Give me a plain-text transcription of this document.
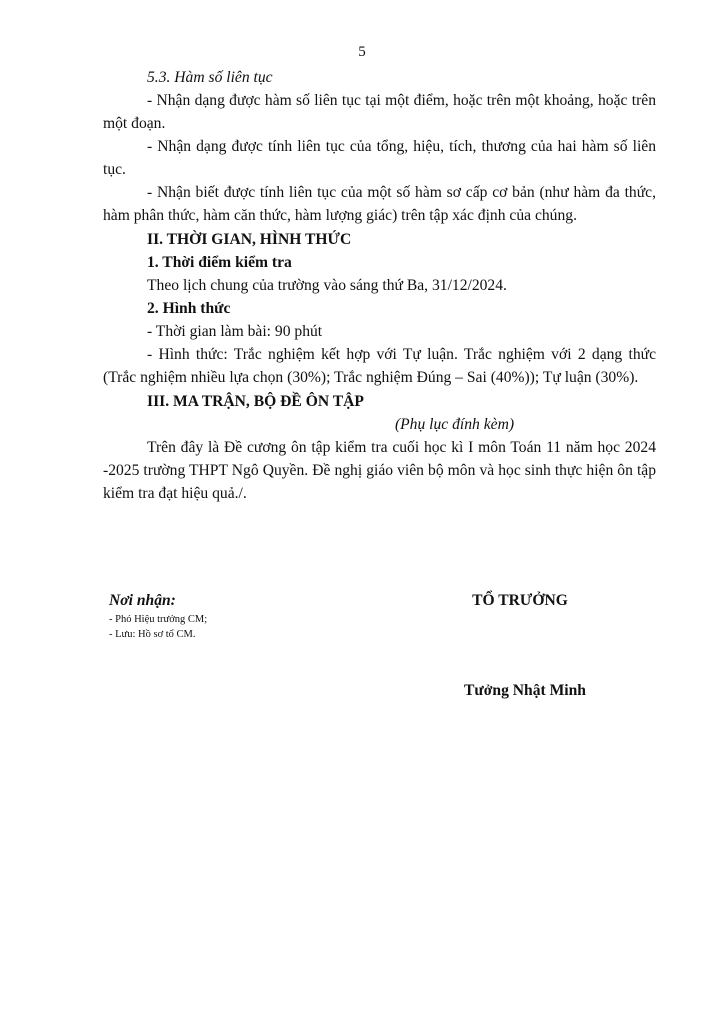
5

5.3. Hàm số liên tục

- Nhận dạng được hàm số liên tục tại một điểm, hoặc trên một khoảng, hoặc trên một đoạn.

- Nhận dạng được tính liên tục của tổng, hiệu, tích, thương của hai hàm số liên tục.

- Nhận biết được tính liên tục của một số hàm sơ cấp cơ bản (như hàm đa thức, hàm phân thức, hàm căn thức, hàm lượng giác) trên tập xác định của chúng.

II. THỜI GIAN, HÌNH THỨC

1. Thời điểm kiểm tra

Theo lịch chung của trường vào sáng thứ Ba, 31/12/2024.

2. Hình thức

- Thời gian làm bài: 90 phút

- Hình thức: Trắc nghiệm kết hợp với Tự luận. Trắc nghiệm với 2 dạng thức (Trắc nghiệm nhiều lựa chọn (30%); Trắc nghiệm Đúng – Sai (40%)); Tự luận (30%).

III. MA TRẬN, BỘ ĐỀ ÔN TẬP

(Phụ lục đính kèm)

Trên đây là Đề cương ôn tập kiểm tra cuối học kì I môn Toán 11 năm học 2024 -2025 trường THPT Ngô Quyền. Đề nghị giáo viên bộ môn và học sinh thực hiện ôn tập kiểm tra đạt hiệu quả./.

Nơi nhận:

- Phó Hiệu trưởng CM;

- Lưu: Hồ sơ tổ CM.

TỔ TRƯỞNG

Tưởng Nhật Minh
